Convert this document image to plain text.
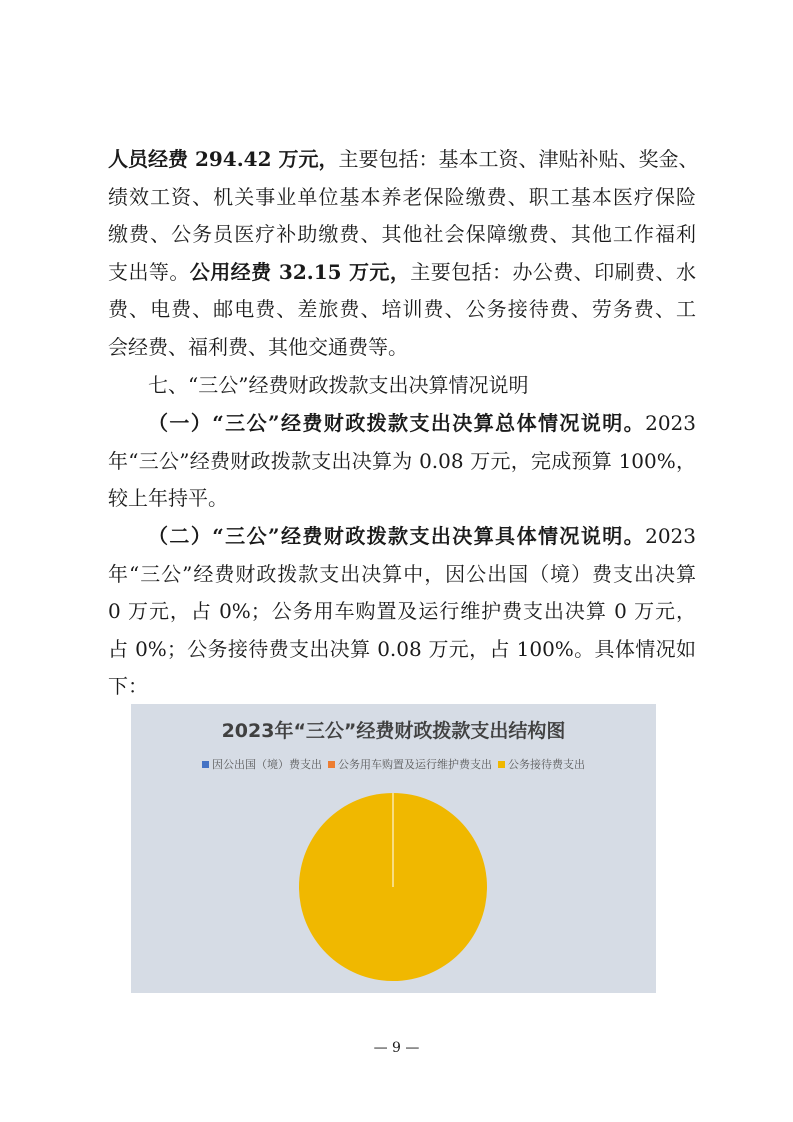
人员经费 294.42 万元，主要包括：基本工资、津贴补贴、奖金、
绩效工资、机关事业单位基本养老保险缴费、职工基本医疗保险
缴费、公务员医疗补助缴费、其他社会保障缴费、其他工作福利
支出等。公用经费 32.15 万元，主要包括：办公费、印刷费、水
费、电费、邮电费、差旅费、培训费、公务接待费、劳务费、工
会经费、福利费、其他交通费等。
七、“三公”经费财政拨款支出决算情况说明
（一）“三公”经费财政拨款支出决算总体情况说明。2023
年“三公”经费财政拨款支出决算为 0.08 万元，完成预算 100%，
较上年持平。
（二）“三公”经费财政拨款支出决算具体情况说明。2023
年“三公”经费财政拨款支出决算中，因公出国（境）费支出决算
0 万元，占 0%；公务用车购置及运行维护费支出决算 0 万元，
占 0%；公务接待费支出决算 0.08 万元，占 100%。具体情况如
下：
2023年“三公”经费财政拨款支出结构图
因公出国（境）费支出 公务用车购置及运行维护费支出 公务接待费支出
— 9 —
